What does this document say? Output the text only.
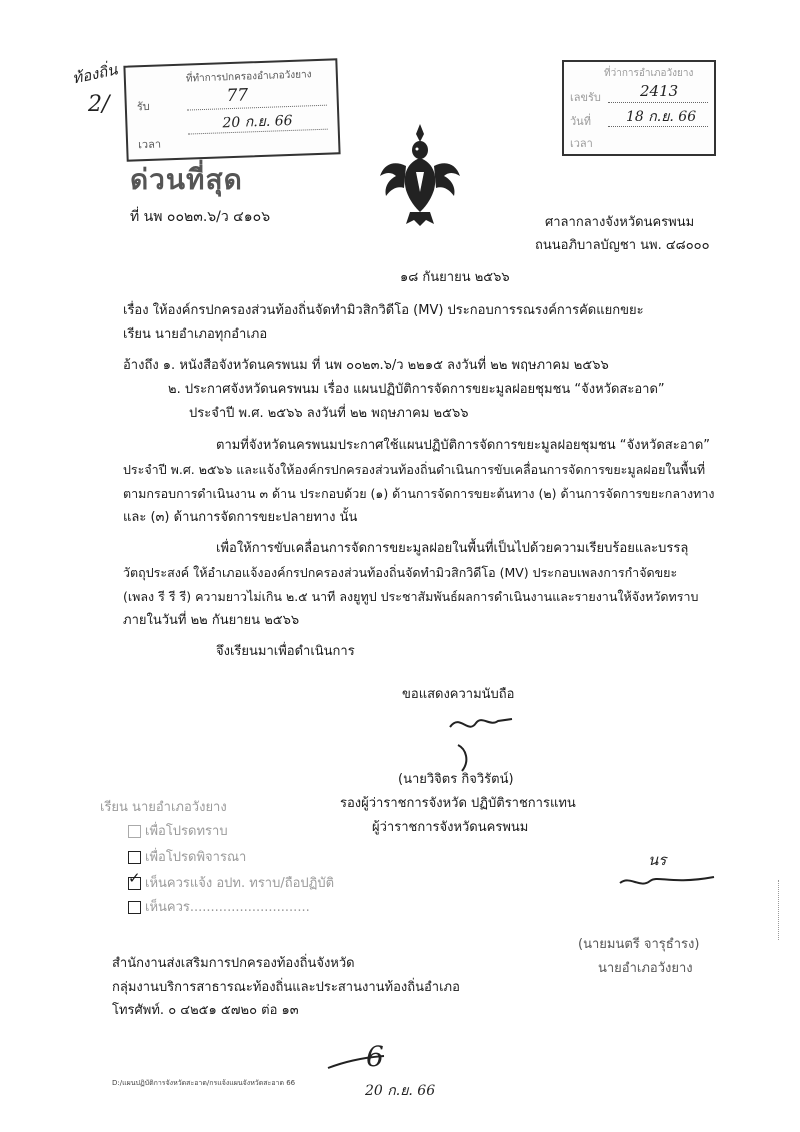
ท้องถิ่น
2/
ที่ทำการปกครองอำเภอวังยาง
รับ
77
20 ก.ย. 66
เวลา
ที่ว่าการอำเภอวังยาง
เลขรับ	2413
วันที่	18 ก.ย. 66
เวลา
ด่วนที่สุด
ที่ นพ ๐๐๒๓.๖/ว ๔๑๐๖	ศาลากลางจังหวัดนครพนม
ถนนอภิบาลบัญชา นพ. ๔๘๐๐๐
๑๘ กันยายน ๒๕๖๖
เรื่อง ให้องค์กรปกครองส่วนท้องถิ่นจัดทำมิวสิกวิดีโอ (MV) ประกอบการรณรงค์การคัดแยกขยะ
เรียน นายอำเภอทุกอำเภอ
อ้างถึง ๑. หนังสือจังหวัดนครพนม ที่ นพ ๐๐๒๓.๖/ว ๒๒๑๕ ลงวันที่ ๒๒ พฤษภาคม ๒๕๖๖
๒. ประกาศจังหวัดนครพนม เรื่อง แผนปฏิบัติการจัดการขยะมูลฝอยชุมชน “จังหวัดสะอาด”
ประจำปี พ.ศ. ๒๕๖๖ ลงวันที่ ๒๒ พฤษภาคม ๒๕๖๖
ตามที่จังหวัดนครพนมประกาศใช้แผนปฏิบัติการจัดการขยะมูลฝอยชุมชน “จังหวัดสะอาด”
ประจำปี พ.ศ. ๒๕๖๖ และแจ้งให้องค์กรปกครองส่วนท้องถิ่นดำเนินการขับเคลื่อนการจัดการขยะมูลฝอยในพื้นที่
ตามกรอบการดำเนินงาน ๓ ด้าน ประกอบด้วย (๑) ด้านการจัดการขยะต้นทาง (๒) ด้านการจัดการขยะกลางทาง
และ (๓) ด้านการจัดการขยะปลายทาง นั้น
เพื่อให้การขับเคลื่อนการจัดการขยะมูลฝอยในพื้นที่เป็นไปด้วยความเรียบร้อยและบรรลุ
วัตถุประสงค์ ให้อำเภอแจ้งองค์กรปกครองส่วนท้องถิ่นจัดทำมิวสิกวิดีโอ (MV) ประกอบเพลงการกำจัดขยะ
(เพลง รี รี รี) ความยาวไม่เกิน ๒.๕ นาที ลงยูทูป ประชาสัมพันธ์ผลการดำเนินงานและรายงานให้จังหวัดทราบ
ภายในวันที่ ๒๒ กันยายน ๒๕๖๖
จึงเรียนมาเพื่อดำเนินการ
ขอแสดงความนับถือ
(นายวิจิตร กิจวิรัตน์)
รองผู้ว่าราชการจังหวัด ปฏิบัติราชการแทน
ผู้ว่าราชการจังหวัดนครพนม
เรียน นายอำเภอวังยาง
เพื่อโปรดทราบ
เพื่อโปรดพิจารณา
✓ เห็นควรแจ้ง อปท. ทราบ/ถือปฏิบัติ
เห็นควร.............................
นร
(นายมนตรี จารุธำรง)
นายอำเภอวังยาง
สำนักงานส่งเสริมการปกครองท้องถิ่นจังหวัด
กลุ่มงานบริการสาธารณะท้องถิ่นและประสานงานท้องถิ่นอำเภอ
โทรศัพท์. ๐ ๔๒๕๑ ๕๗๒๐ ต่อ ๑๓
6
20 ก.ย. 66
D:/แผนปฏิบัติการจังหวัดสะอาด/กรแจ้งแผนจังหวัดสะอาด 66
